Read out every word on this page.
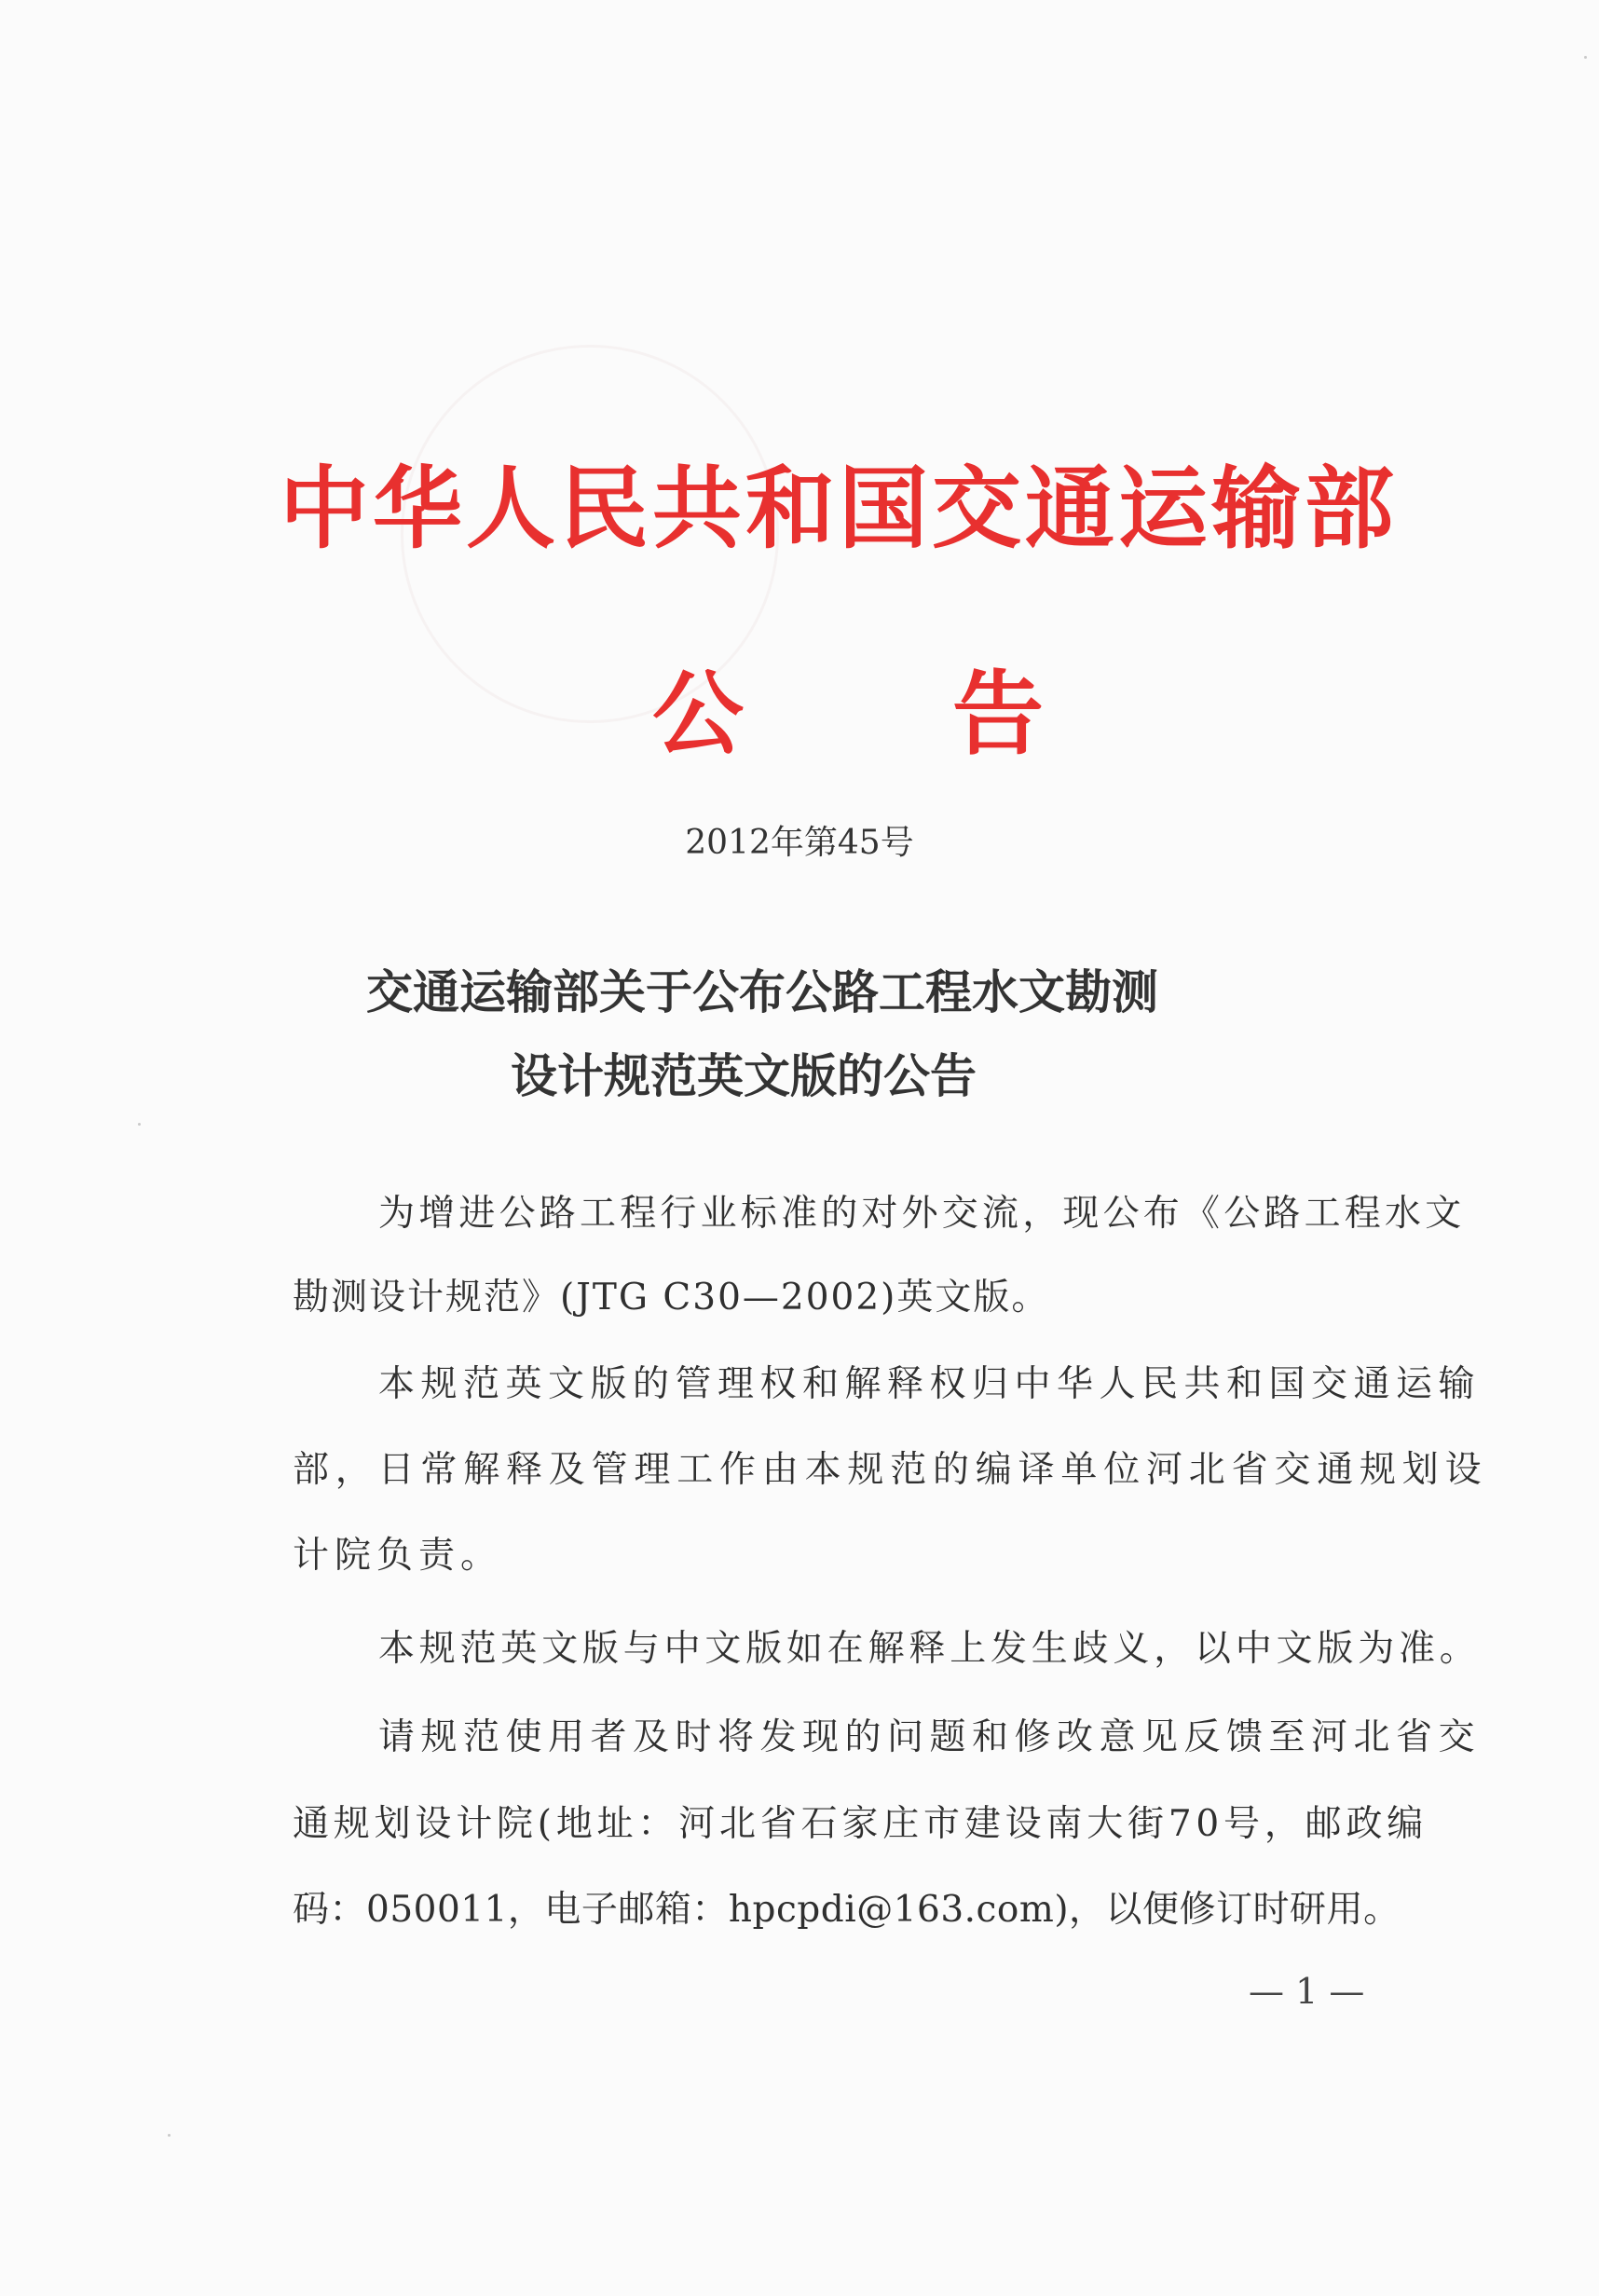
中华人民共和国交通运输部
公 告
2012年第45号
交通运输部关于公布公路工程水文勘测
设计规范英文版的公告
为增进公路工程行业标准的对外交流，现公布《公路工程水文
勘测设计规范》(JTG C30—2002)英文版。
本规范英文版的管理权和解释权归中华人民共和国交通运输
部，日常解释及管理工作由本规范的编译单位河北省交通规划设
计院负责。
本规范英文版与中文版如在解释上发生歧义，以中文版为准。
请规范使用者及时将发现的问题和修改意见反馈至河北省交
通规划设计院(地址：河北省石家庄市建设南大街70号，邮政编
码：050011，电子邮箱：hpcpdi@163.com)，以便修订时研用。
— 1 —
